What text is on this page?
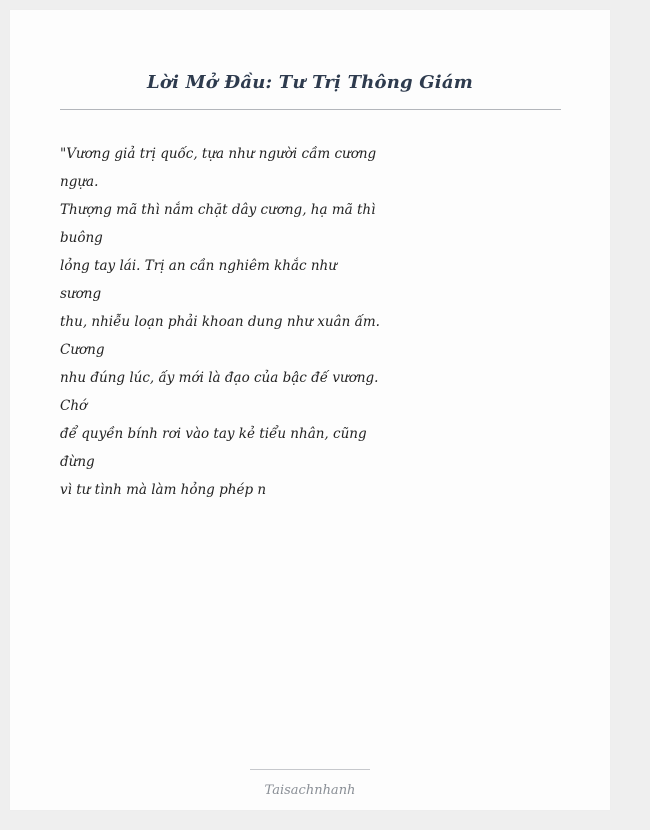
Lời Mở Đầu: Tư Trị Thông Giám
"Vương giả trị quốc, tựa như người cầm cương
ngựa.
Thượng mã thì nắm chặt dây cương, hạ mã thì
buông
lỏng tay lái. Trị an cần nghiêm khắc như
sương
thu, nhiễu loạn phải khoan dung như xuân ấm.
Cương
nhu đúng lúc, ấy mới là đạo của bậc đế vương.
Chớ
để quyền bính rơi vào tay kẻ tiểu nhân, cũng
đừng
vì tư tình mà làm hỏng phép n
Taisachnhanh
